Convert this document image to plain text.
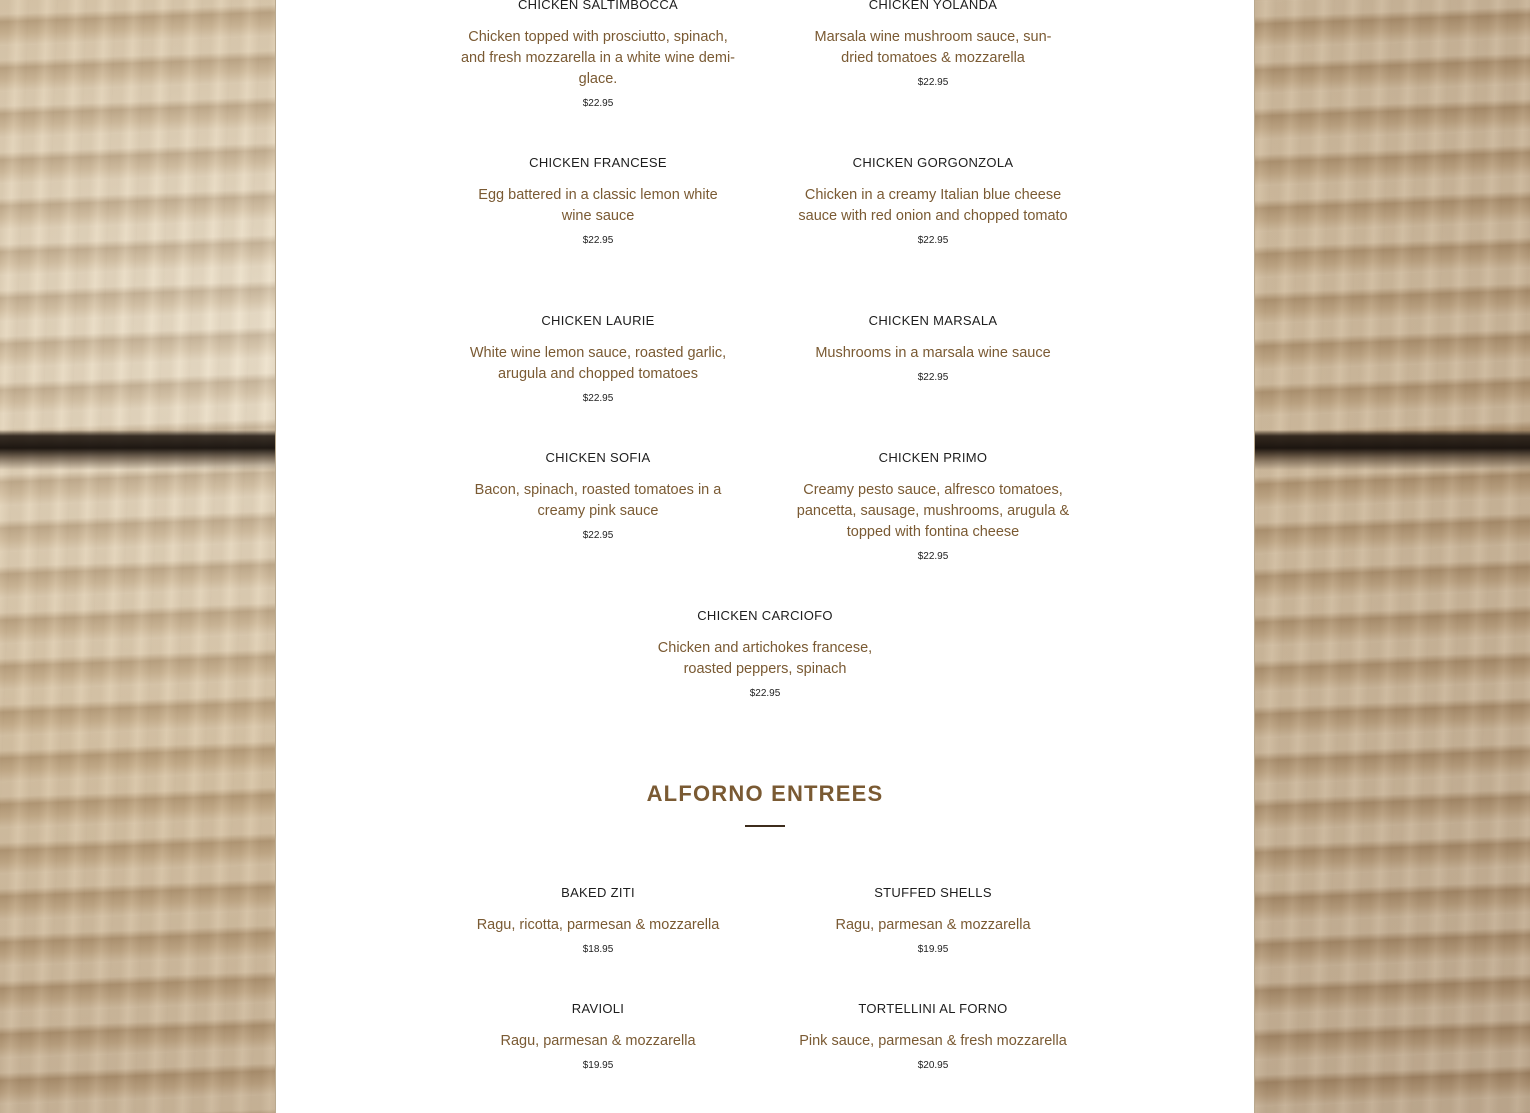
CHICKEN SALTIMBOCCA
Chicken topped with prosciutto, spinach, and fresh mozzarella in a white wine demi-glace.
$22.95
CHICKEN YOLANDA
Marsala wine mushroom sauce, sun-dried tomatoes & mozzarella
$22.95
CHICKEN FRANCESE
Egg battered in a classic lemon white wine sauce
$22.95
CHICKEN GORGONZOLA
Chicken in a creamy Italian blue cheese sauce with red onion and chopped tomato
$22.95
CHICKEN LAURIE
White wine lemon sauce, roasted garlic, arugula and chopped tomatoes
$22.95
CHICKEN MARSALA
Mushrooms in a marsala wine sauce
$22.95
CHICKEN SOFIA
Bacon, spinach, roasted tomatoes in a creamy pink sauce
$22.95
CHICKEN PRIMO
Creamy pesto sauce, alfresco tomatoes, pancetta, sausage, mushrooms, arugula & topped with fontina cheese
$22.95
CHICKEN CARCIOFO
Chicken and artichokes francese, roasted peppers, spinach
$22.95
ALFORNO ENTREES
BAKED ZITI
Ragu, ricotta, parmesan & mozzarella
$18.95
STUFFED SHELLS
Ragu, parmesan & mozzarella
$19.95
RAVIOLI
Ragu, parmesan & mozzarella
$19.95
TORTELLINI AL FORNO
Pink sauce, parmesan & fresh mozzarella
$20.95
